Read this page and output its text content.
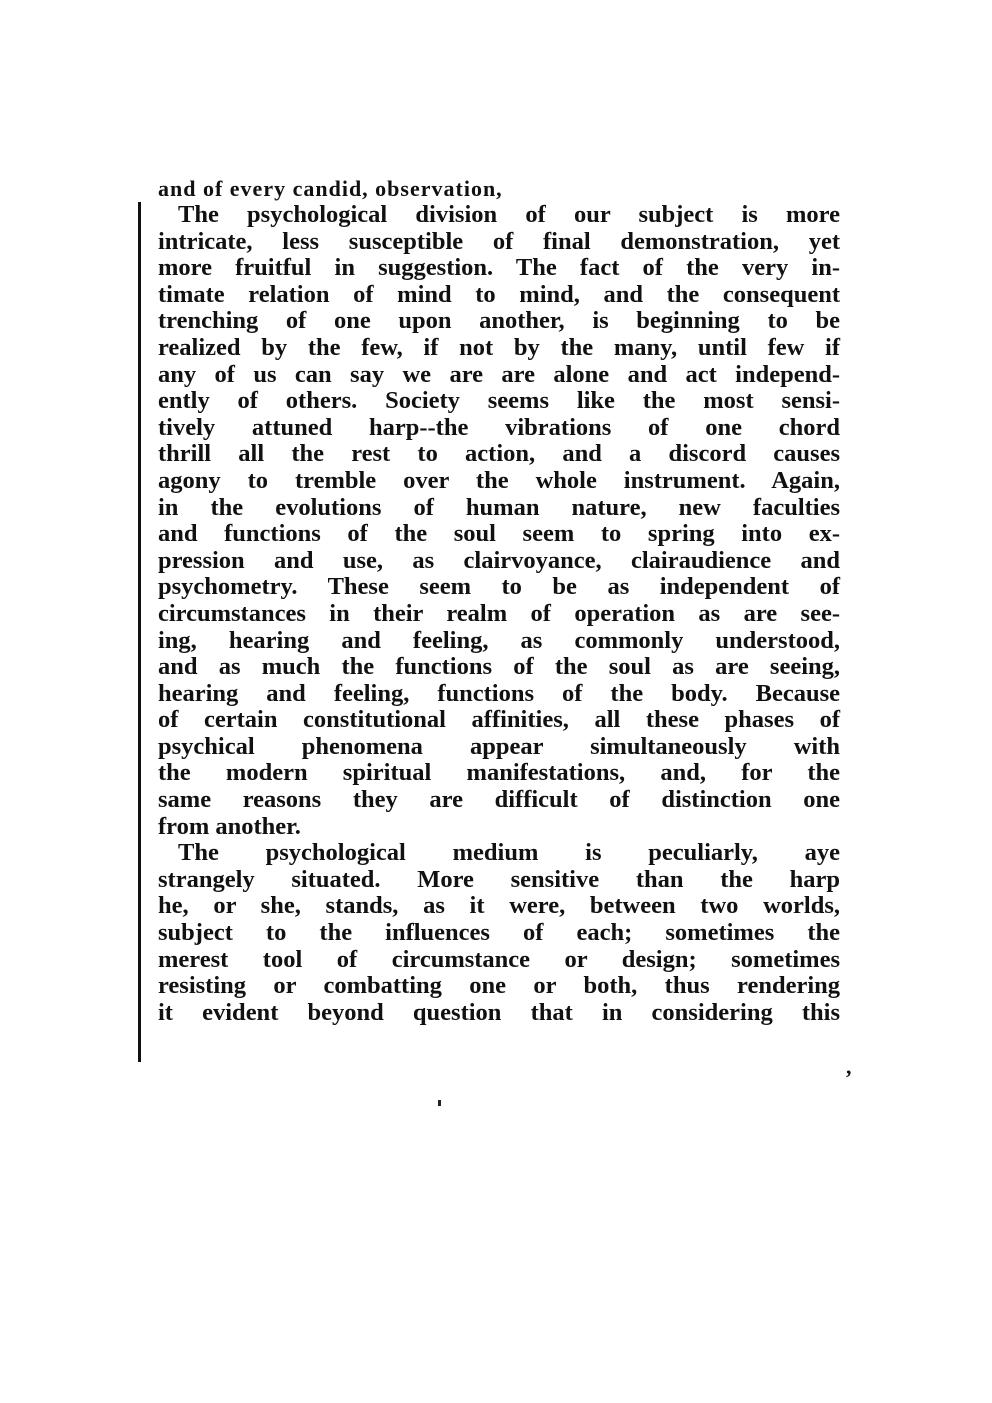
and of every candid, observation,
The psychological division of our subject is more
intricate, less susceptible of final demonstration, yet
more fruitful in suggestion. The fact of the very in-
timate relation of mind to mind, and the consequent
trenching of one upon another, is beginning to be
realized by the few, if not by the many, until few if
any of us can say we are are alone and act independ-
ently of others. Society seems like the most sensi-
tively attuned harp--the vibrations of one chord
thrill all the rest to action, and a discord causes
agony to tremble over the whole instrument. Again,
in the evolutions of human nature, new faculties
and functions of the soul seem to spring into ex-
pression and use, as clairvoyance, clairaudience and
psychometry. These seem to be as independent of
circumstances in their realm of operation as are see-
ing, hearing and feeling, as commonly understood,
and as much the functions of the soul as are seeing,
hearing and feeling, functions of the body. Because
of certain constitutional affinities, all these phases of
psychical phenomena appear simultaneously with
the modern spiritual manifestations, and, for the
same reasons they are difficult of distinction one
from another.
The psychological medium is peculiarly, aye
strangely situated. More sensitive than the harp
he, or she, stands, as it were, between two worlds,
subject to the influences of each; sometimes the
merest tool of circumstance or design; sometimes
resisting or combatting one or both, thus rendering
it evident beyond question that in considering this
,
